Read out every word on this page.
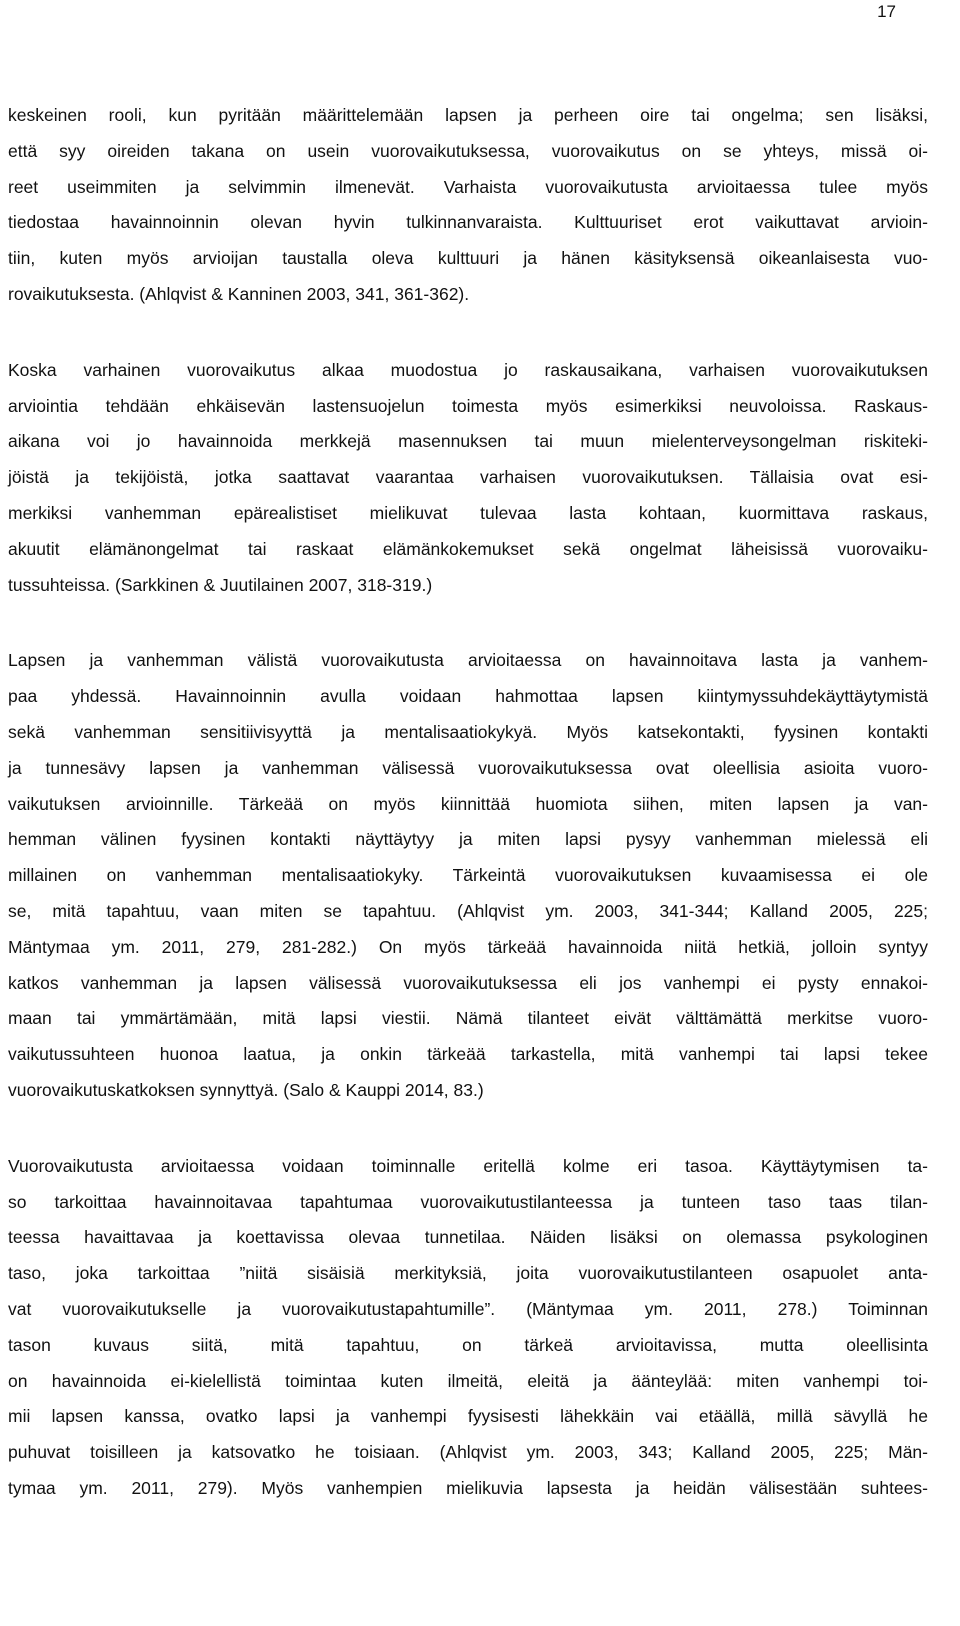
17
keskeinen rooli, kun pyritään määrittelemään lapsen ja perheen oire tai ongelma; sen lisäksi,
että syy oireiden takana on usein vuorovaikutuksessa, vuorovaikutus on se yhteys, missä oi-
reet useimmiten ja selvimmin ilmenevät. Varhaista vuorovaikutusta arvioitaessa tulee myös
tiedostaa havainnoinnin olevan hyvin tulkinnanvaraista. Kulttuuriset erot vaikuttavat arvioin-
tiin, kuten myös arvioijan taustalla oleva kulttuuri ja hänen käsityksensä oikeanlaisesta vuo-
rovaikutuksesta. (Ahlqvist & Kanninen 2003, 341, 361-362).
Koska varhainen vuorovaikutus alkaa muodostua jo raskausaikana, varhaisen vuorovaikutuksen
arviointia tehdään ehkäisevän lastensuojelun toimesta myös esimerkiksi neuvoloissa. Raskaus-
aikana voi jo havainnoida merkkejä masennuksen tai muun mielenterveysongelman riskiteki-
jöistä ja tekijöistä, jotka saattavat vaarantaa varhaisen vuorovaikutuksen. Tällaisia ovat esi-
merkiksi vanhemman epärealistiset mielikuvat tulevaa lasta kohtaan, kuormittava raskaus,
akuutit elämänongelmat tai raskaat elämänkokemukset sekä ongelmat läheisissä vuorovaiku-
tussuhteissa. (Sarkkinen & Juutilainen 2007, 318-319.)
Lapsen ja vanhemman välistä vuorovaikutusta arvioitaessa on havainnoitava lasta ja vanhem-
paa yhdessä. Havainnoinnin avulla voidaan hahmottaa lapsen kiintymyssuhdekäyttäytymistä
sekä vanhemman sensitiivisyyttä ja mentalisaatiokykyä. Myös katsekontakti, fyysinen kontakti
ja tunnesävy lapsen ja vanhemman välisessä vuorovaikutuksessa ovat oleellisia asioita vuoro-
vaikutuksen arvioinnille. Tärkeää on myös kiinnittää huomiota siihen, miten lapsen ja van-
hemman välinen fyysinen kontakti näyttäytyy ja miten lapsi pysyy vanhemman mielessä eli
millainen on vanhemman mentalisaatiokyky. Tärkeintä vuorovaikutuksen kuvaamisessa ei ole
se, mitä tapahtuu, vaan miten se tapahtuu. (Ahlqvist ym. 2003, 341-344; Kalland 2005, 225;
Mäntymaa ym. 2011, 279, 281-282.) On myös tärkeää havainnoida niitä hetkiä, jolloin syntyy
katkos vanhemman ja lapsen välisessä vuorovaikutuksessa eli jos vanhempi ei pysty ennakoi-
maan tai ymmärtämään, mitä lapsi viestii. Nämä tilanteet eivät välttämättä merkitse vuoro-
vaikutussuhteen huonoa laatua, ja onkin tärkeää tarkastella, mitä vanhempi tai lapsi tekee
vuorovaikutuskatkoksen synnyttyä. (Salo & Kauppi 2014, 83.)
Vuorovaikutusta arvioitaessa voidaan toiminnalle eritellä kolme eri tasoa. Käyttäytymisen ta-
so tarkoittaa havainnoitavaa tapahtumaa vuorovaikutustilanteessa ja tunteen taso taas tilan-
teessa havaittavaa ja koettavissa olevaa tunnetilaa. Näiden lisäksi on olemassa psykologinen
taso, joka tarkoittaa ”niitä sisäisiä merkityksiä, joita vuorovaikutustilanteen osapuolet anta-
vat vuorovaikutukselle ja vuorovaikutustapahtumille”. (Mäntymaa ym. 2011, 278.) Toiminnan
tason kuvaus siitä, mitä tapahtuu, on tärkeä arvioitavissa, mutta oleellisinta
on havainnoida ei-kielellistä toimintaa kuten ilmeitä, eleitä ja äänteylää: miten vanhempi toi-
mii lapsen kanssa, ovatko lapsi ja vanhempi fyysisesti lähekkäin vai etäällä, millä sävyllä he
puhuvat toisilleen ja katsovatko he toisiaan. (Ahlqvist ym. 2003, 343; Kalland 2005, 225; Män-
tymaa ym. 2011, 279). Myös vanhempien mielikuvia lapsesta ja heidän välisestään suhtees-
